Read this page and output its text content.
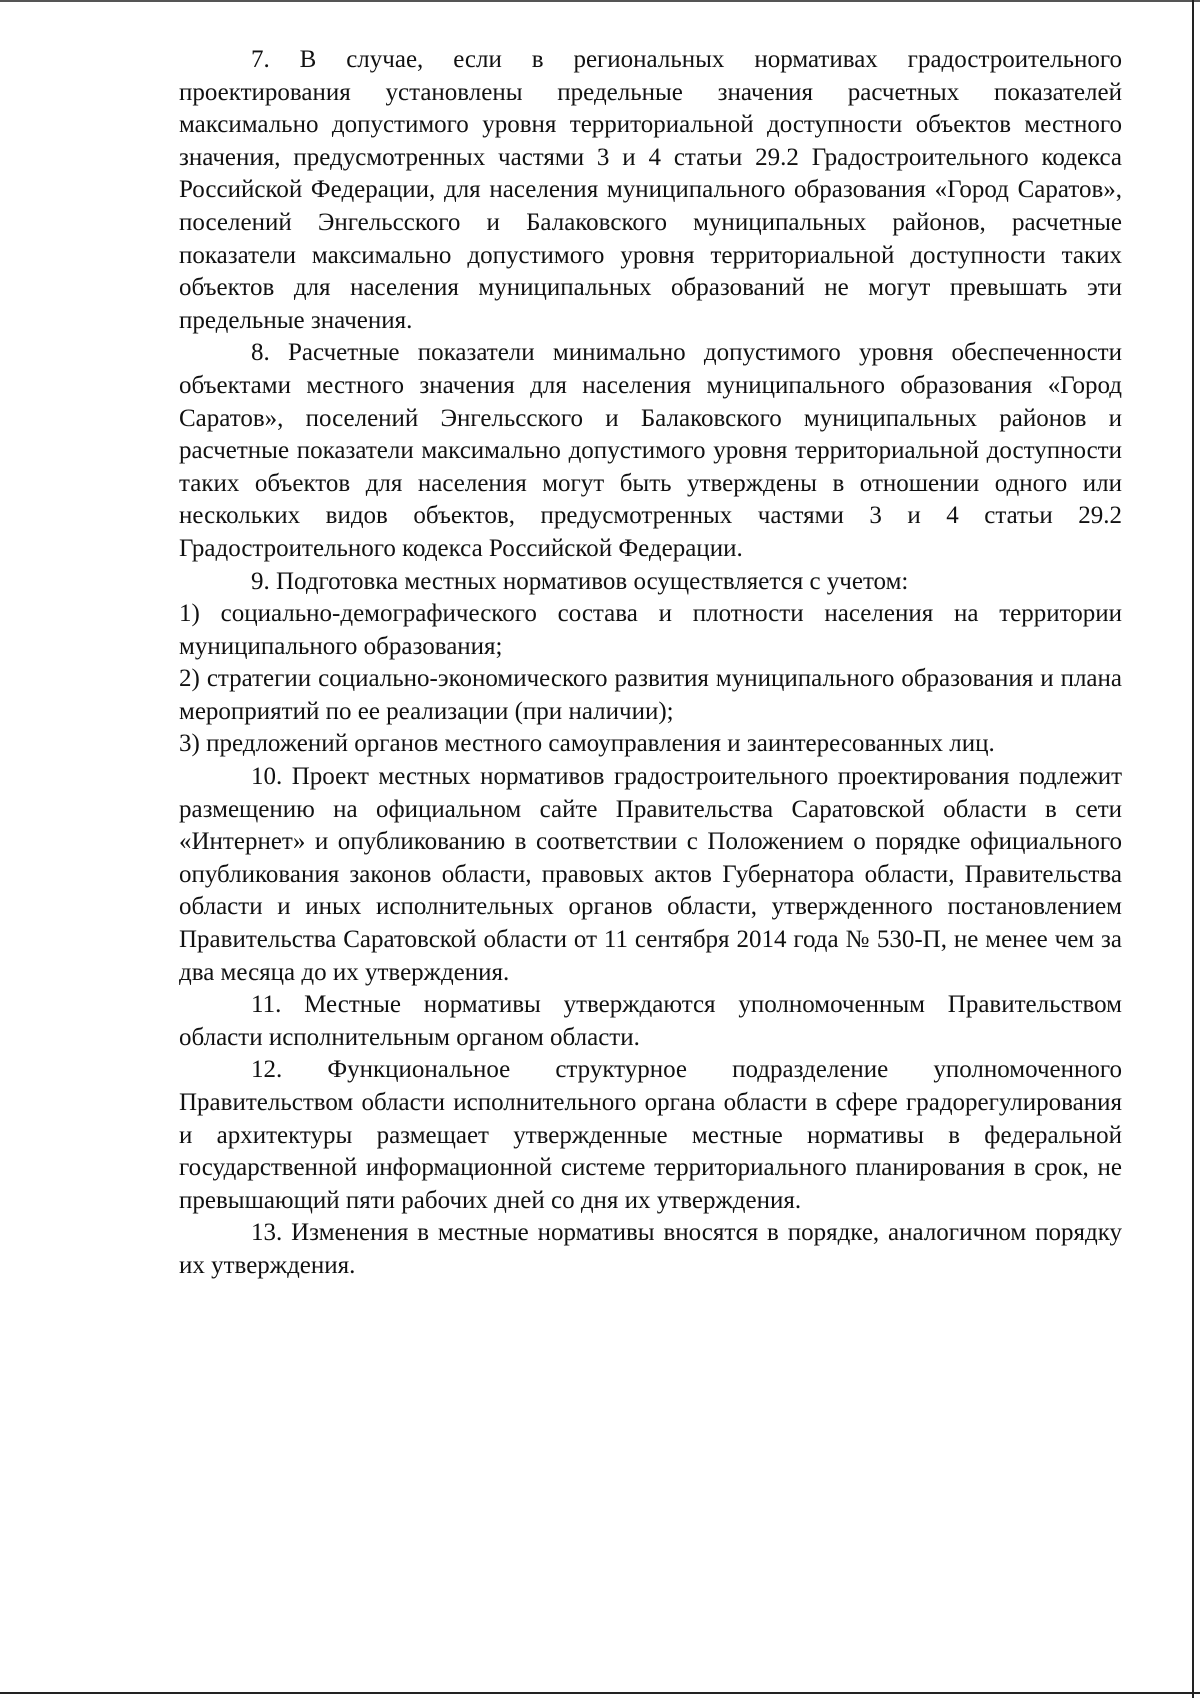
7. В случае, если в региональных нормативах градостроительного проектирования установлены предельные значения расчетных показателей максимально допустимого уровня территориальной доступности объектов местного значения, предусмотренных частями 3 и 4 статьи 29.2 Градостроительного кодекса Российской Федерации, для населения муниципального образования «Город Саратов», поселений Энгельсского и Балаковского муниципальных районов, расчетные показатели максимально допустимого уровня территориальной доступности таких объектов для населения муниципальных образований не могут превышать эти предельные значения.

8. Расчетные показатели минимально допустимого уровня обеспеченности объектами местного значения для населения муниципального образования «Город Саратов», поселений Энгельсского и Балаковского муниципальных районов и расчетные показатели максимально допустимого уровня территориальной доступности таких объектов для населения могут быть утверждены в отношении одного или нескольких видов объектов, предусмотренных частями 3 и 4 статьи 29.2 Градостроительного кодекса Российской Федерации.

9. Подготовка местных нормативов осуществляется с учетом:

1) социально-демографического состава и плотности населения на территории муниципального образования;

2) стратегии социально-экономического развития муниципального образования и плана мероприятий по ее реализации (при наличии);

3) предложений органов местного самоуправления и заинтересованных лиц.

10. Проект местных нормативов градостроительного проектирования подлежит размещению на официальном сайте Правительства Саратовской области в сети «Интернет» и опубликованию в соответствии с Положением о порядке официального опубликования законов области, правовых актов Губернатора области, Правительства области и иных исполнительных органов области, утвержденного постановлением Правительства Саратовской области от 11 сентября 2014 года № 530-П, не менее чем за два месяца до их утверждения.

11. Местные нормативы утверждаются уполномоченным Правительством области исполнительным органом области.

12. Функциональное структурное подразделение уполномоченного Правительством области исполнительного органа области в сфере градорегулирования и архитектуры размещает утвержденные местные нормативы в федеральной государственной информационной системе территориального планирования в срок, не превышающий пяти рабочих дней со дня их утверждения.

13. Изменения в местные нормативы вносятся в порядке, аналогичном порядку их утверждения.
